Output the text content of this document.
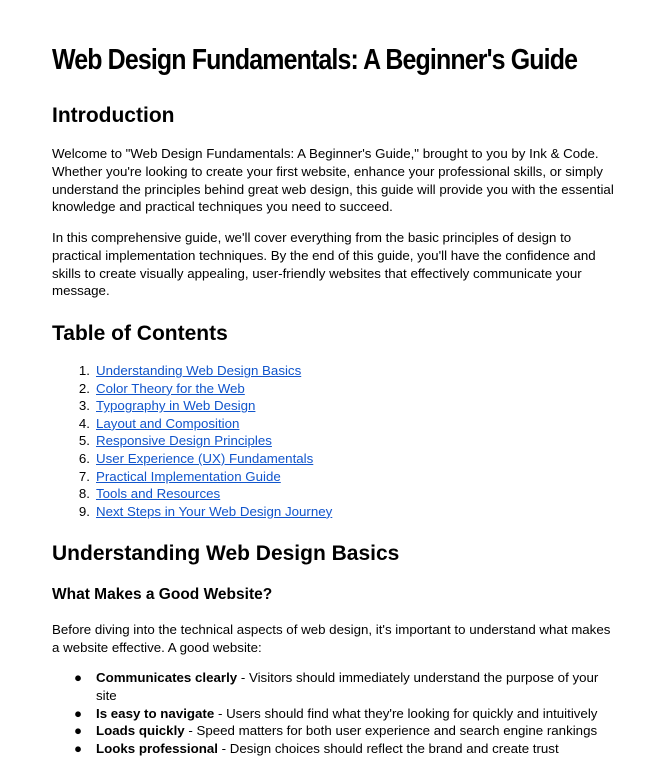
Web Design Fundamentals: A Beginner's Guide
Introduction

Welcome to "Web Design Fundamentals: A Beginner's Guide," brought to you by Ink & Code. Whether you're looking to create your first website, enhance your professional skills, or simply understand the principles behind great web design, this guide will provide you with the essential knowledge and practical techniques you need to succeed.

In this comprehensive guide, we'll cover everything from the basic principles of design to practical implementation techniques. By the end of this guide, you'll have the confidence and skills to create visually appealing, user-friendly websites that effectively communicate your message.

Table of Contents
1. Understanding Web Design Basics
2. Color Theory for the Web
3. Typography in Web Design
4. Layout and Composition
5. Responsive Design Principles
6. User Experience (UX) Fundamentals
7. Practical Implementation Guide
8. Tools and Resources
9. Next Steps in Your Web Design Journey
Understanding Web Design Basics
What Makes a Good Website?

Before diving into the technical aspects of web design, it's important to understand what makes a website effective. A good website:

● Communicates clearly - Visitors should immediately understand the purpose of your site
● Is easy to navigate - Users should find what they're looking for quickly and intuitively
● Loads quickly - Speed matters for both user experience and search engine rankings
● Looks professional - Design choices should reflect the brand and create trust
